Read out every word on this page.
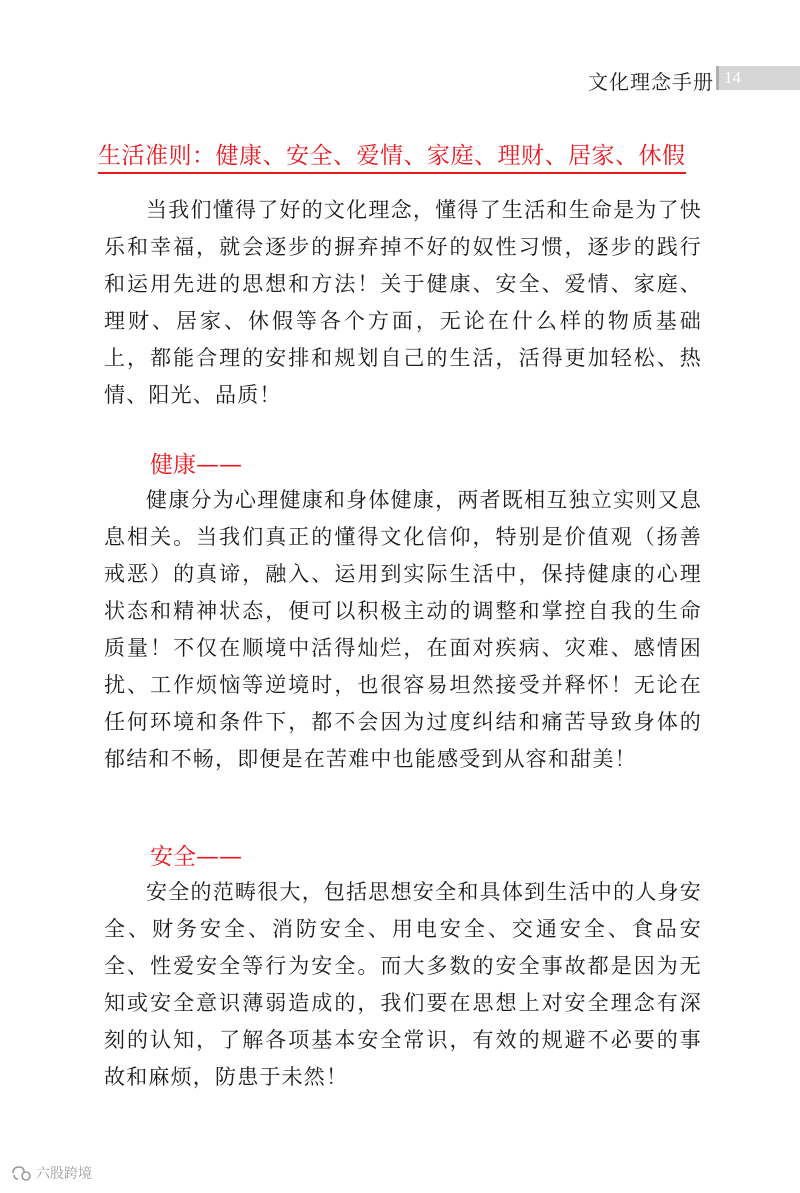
文化理念手册 14
生活准则：健康、安全、爱情、家庭、理财、居家、休假

当我们懂得了好的文化理念，懂得了生活和生命是为了快乐和幸福，就会逐步的摒弃掉不好的奴性习惯，逐步的践行和运用先进的思想和方法！关于健康、安全、爱情、家庭、理财、居家、休假等各个方面，无论在什么样的物质基础上，都能合理的安排和规划自己的生活，活得更加轻松、热情、阳光、品质！

健康——

健康分为心理健康和身体健康，两者既相互独立实则又息息相关。当我们真正的懂得文化信仰，特别是价值观（扬善戒恶）的真谛，融入、运用到实际生活中，保持健康的心理状态和精神状态，便可以积极主动的调整和掌控自我的生命质量！不仅在顺境中活得灿烂，在面对疾病、灾难、感情困扰、工作烦恼等逆境时，也很容易坦然接受并释怀！无论在任何环境和条件下，都不会因为过度纠结和痛苦导致身体的郁结和不畅，即便是在苦难中也能感受到从容和甜美！

安全——

安全的范畴很大，包括思想安全和具体到生活中的人身安全、财务安全、消防安全、用电安全、交通安全、食品安全、性爱安全等行为安全。而大多数的安全事故都是因为无知或安全意识薄弱造成的，我们要在思想上对安全理念有深刻的认知，了解各项基本安全常识，有效的规避不必要的事故和麻烦，防患于未然！

六股跨境
